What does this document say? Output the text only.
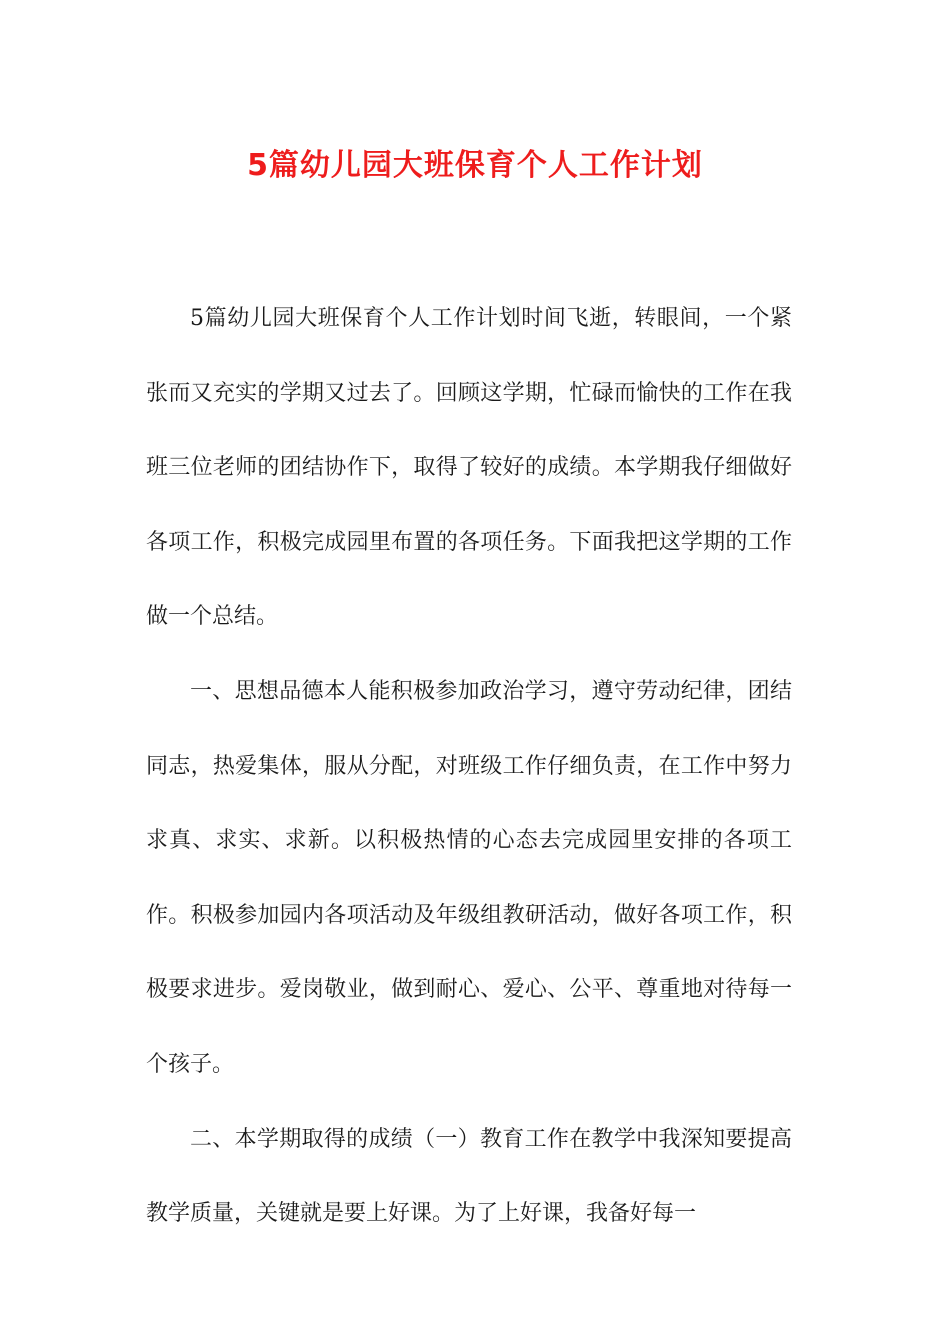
5篇幼儿园大班保育个人工作计划

5篇幼儿园大班保育个人工作计划时间飞逝，转眼间，一个紧张而又充实的学期又过去了。回顾这学期，忙碌而愉快的工作在我班三位老师的团结协作下，取得了较好的成绩。本学期我仔细做好各项工作，积极完成园里布置的各项任务。下面我把这学期的工作做一个总结。

一、思想品德本人能积极参加政治学习，遵守劳动纪律，团结同志，热爱集体，服从分配，对班级工作仔细负责，在工作中努力求真、求实、求新。以积极热情的心态去完成园里安排的各项工作。积极参加园内各项活动及年级组教研活动，做好各项工作，积极要求进步。爱岗敬业，做到耐心、爱心、公平、尊重地对待每一个孩子。

二、本学期取得的成绩（一）教育工作在教学中我深知要提高教学质量，关键就是要上好课。为了上好课，我备好每一
